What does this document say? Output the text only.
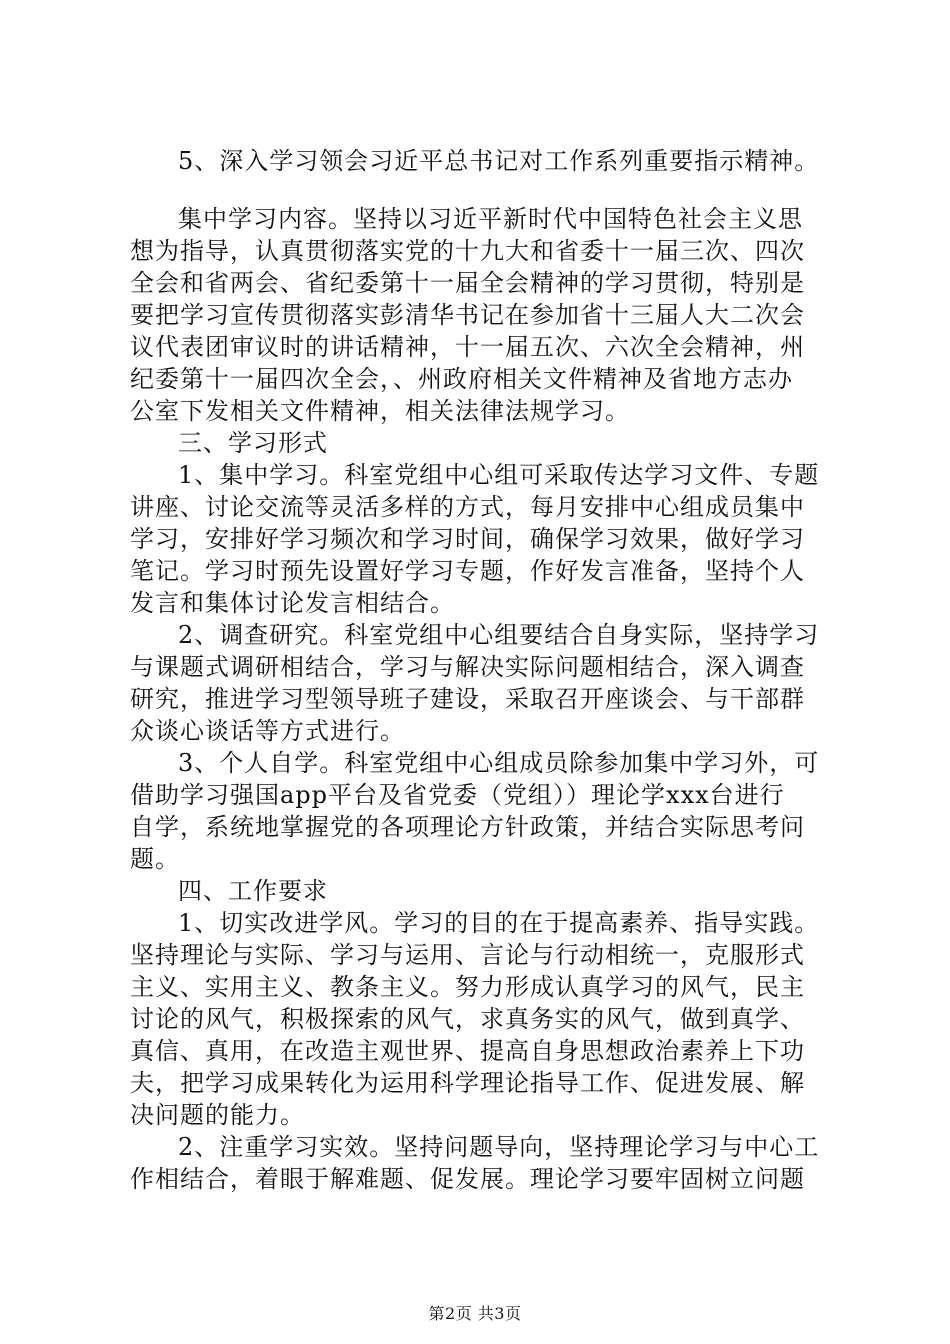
5、深入学习领会习近平总书记对工作系列重要指示精神。
集中学习内容。坚持以习近平新时代中国特色社会主义思
想为指导，认真贯彻落实党的十九大和省委十一届三次、四次
全会和省两会、省纪委第十一届全会精神的学习贯彻，特别是
要把学习宣传贯彻落实彭清华书记在参加省十三届人大二次会
议代表团审议时的讲话精神，十一届五次、六次全会精神，州
纪委第十一届四次全会，、州政府相关文件精神及省地方志办
公室下发相关文件精神，相关法律法规学习。
三、学习形式
1、集中学习。科室党组中心组可采取传达学习文件、专题
讲座、讨论交流等灵活多样的方式，每月安排中心组成员集中
学习，安排好学习频次和学习时间，确保学习效果，做好学习
笔记。学习时预先设置好学习专题，作好发言准备，坚持个人
发言和集体讨论发言相结合。
2、调查研究。科室党组中心组要结合自身实际，坚持学习
与课题式调研相结合，学习与解决实际问题相结合，深入调查
研究，推进学习型领导班子建设，采取召开座谈会、与干部群
众谈心谈话等方式进行。
3、个人自学。科室党组中心组成员除参加集中学习外，可
借助学习强国app平台及省党委（党组））理论学xxx台进行
自学，系统地掌握党的各项理论方针政策，并结合实际思考问
题。
四、工作要求
1、切实改进学风。学习的目的在于提高素养、指导实践。
坚持理论与实际、学习与运用、言论与行动相统一，克服形式
主义、实用主义、教条主义。努力形成认真学习的风气，民主
讨论的风气，积极探索的风气，求真务实的风气，做到真学、
真信、真用，在改造主观世界、提高自身思想政治素养上下功
夫，把学习成果转化为运用科学理论指导工作、促进发展、解
决问题的能力。
2、注重学习实效。坚持问题导向，坚持理论学习与中心工
作相结合，着眼于解难题、促发展。理论学习要牢固树立问题
第2页 共3页
